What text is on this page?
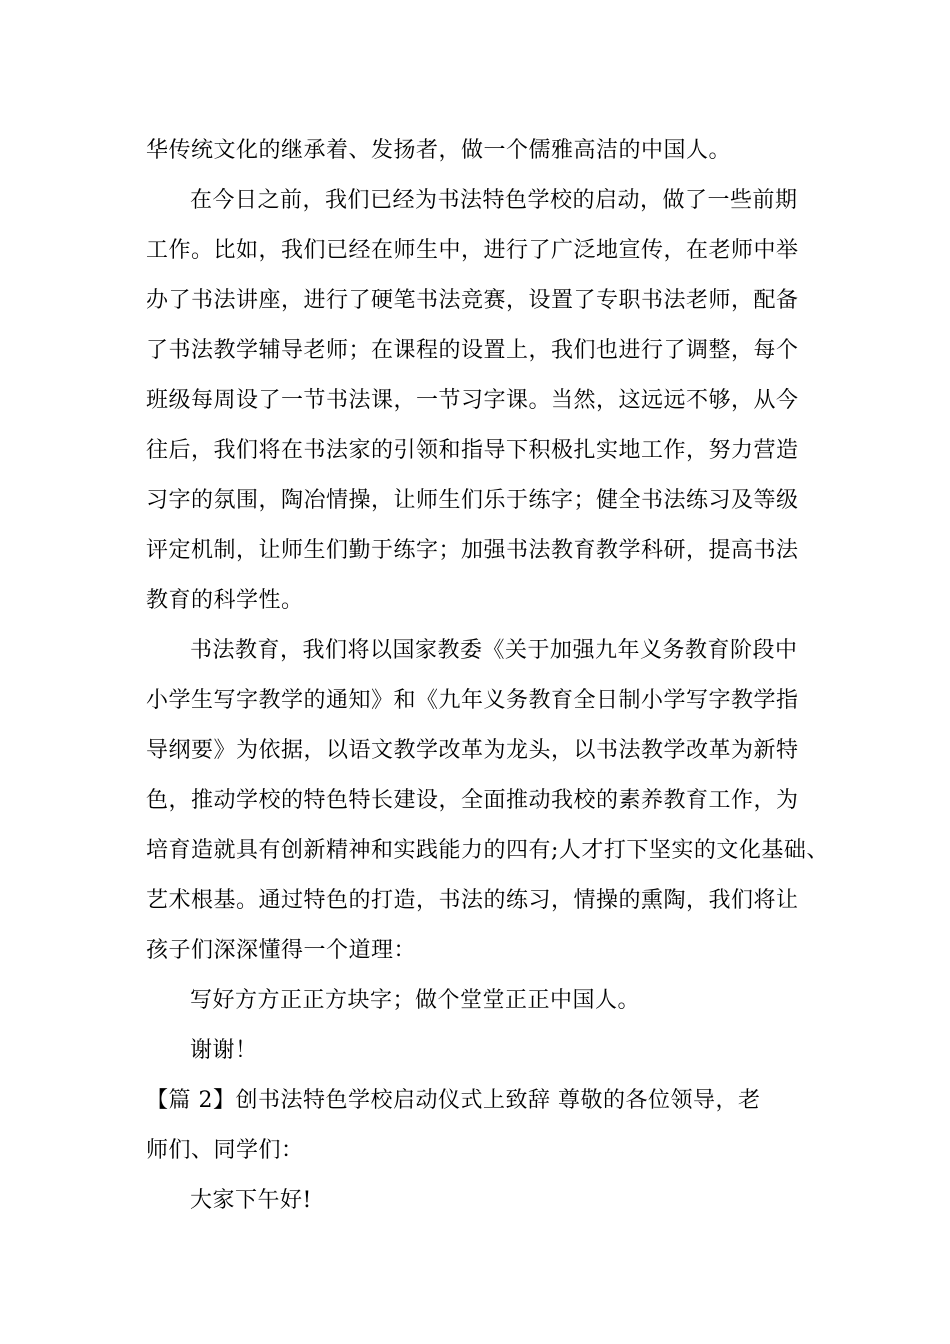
华传统文化的继承着、发扬者，做一个儒雅高洁的中国人。
在今日之前，我们已经为书法特色学校的启动，做了一些前期
工作。比如，我们已经在师生中，进行了广泛地宣传，在老师中举
办了书法讲座，进行了硬笔书法竞赛，设置了专职书法老师，配备
了书法教学辅导老师；在课程的设置上，我们也进行了调整，每个
班级每周设了一节书法课，一节习字课。当然，这远远不够，从今
往后，我们将在书法家的引领和指导下积极扎实地工作，努力营造
习字的氛围，陶冶情操，让师生们乐于练字；健全书法练习及等级
评定机制，让师生们勤于练字；加强书法教育教学科研，提高书法
教育的科学性。
书法教育，我们将以国家教委《关于加强九年义务教育阶段中
小学生写字教学的通知》和《九年义务教育全日制小学写字教学指
导纲要》为依据，以语文教学改革为龙头，以书法教学改革为新特
色，推动学校的特色特长建设，全面推动我校的素养教育工作，为
培育造就具有创新精神和实践能力的四有;人才打下坚实的文化基础、
艺术根基。通过特色的打造，书法的练习，情操的熏陶，我们将让
孩子们深深懂得一个道理：
写好方方正正方块字；做个堂堂正正中国人。
谢谢！
【篇 2】创书法特色学校启动仪式上致辞 尊敬的各位领导，老
师们、同学们：
大家下午好!
